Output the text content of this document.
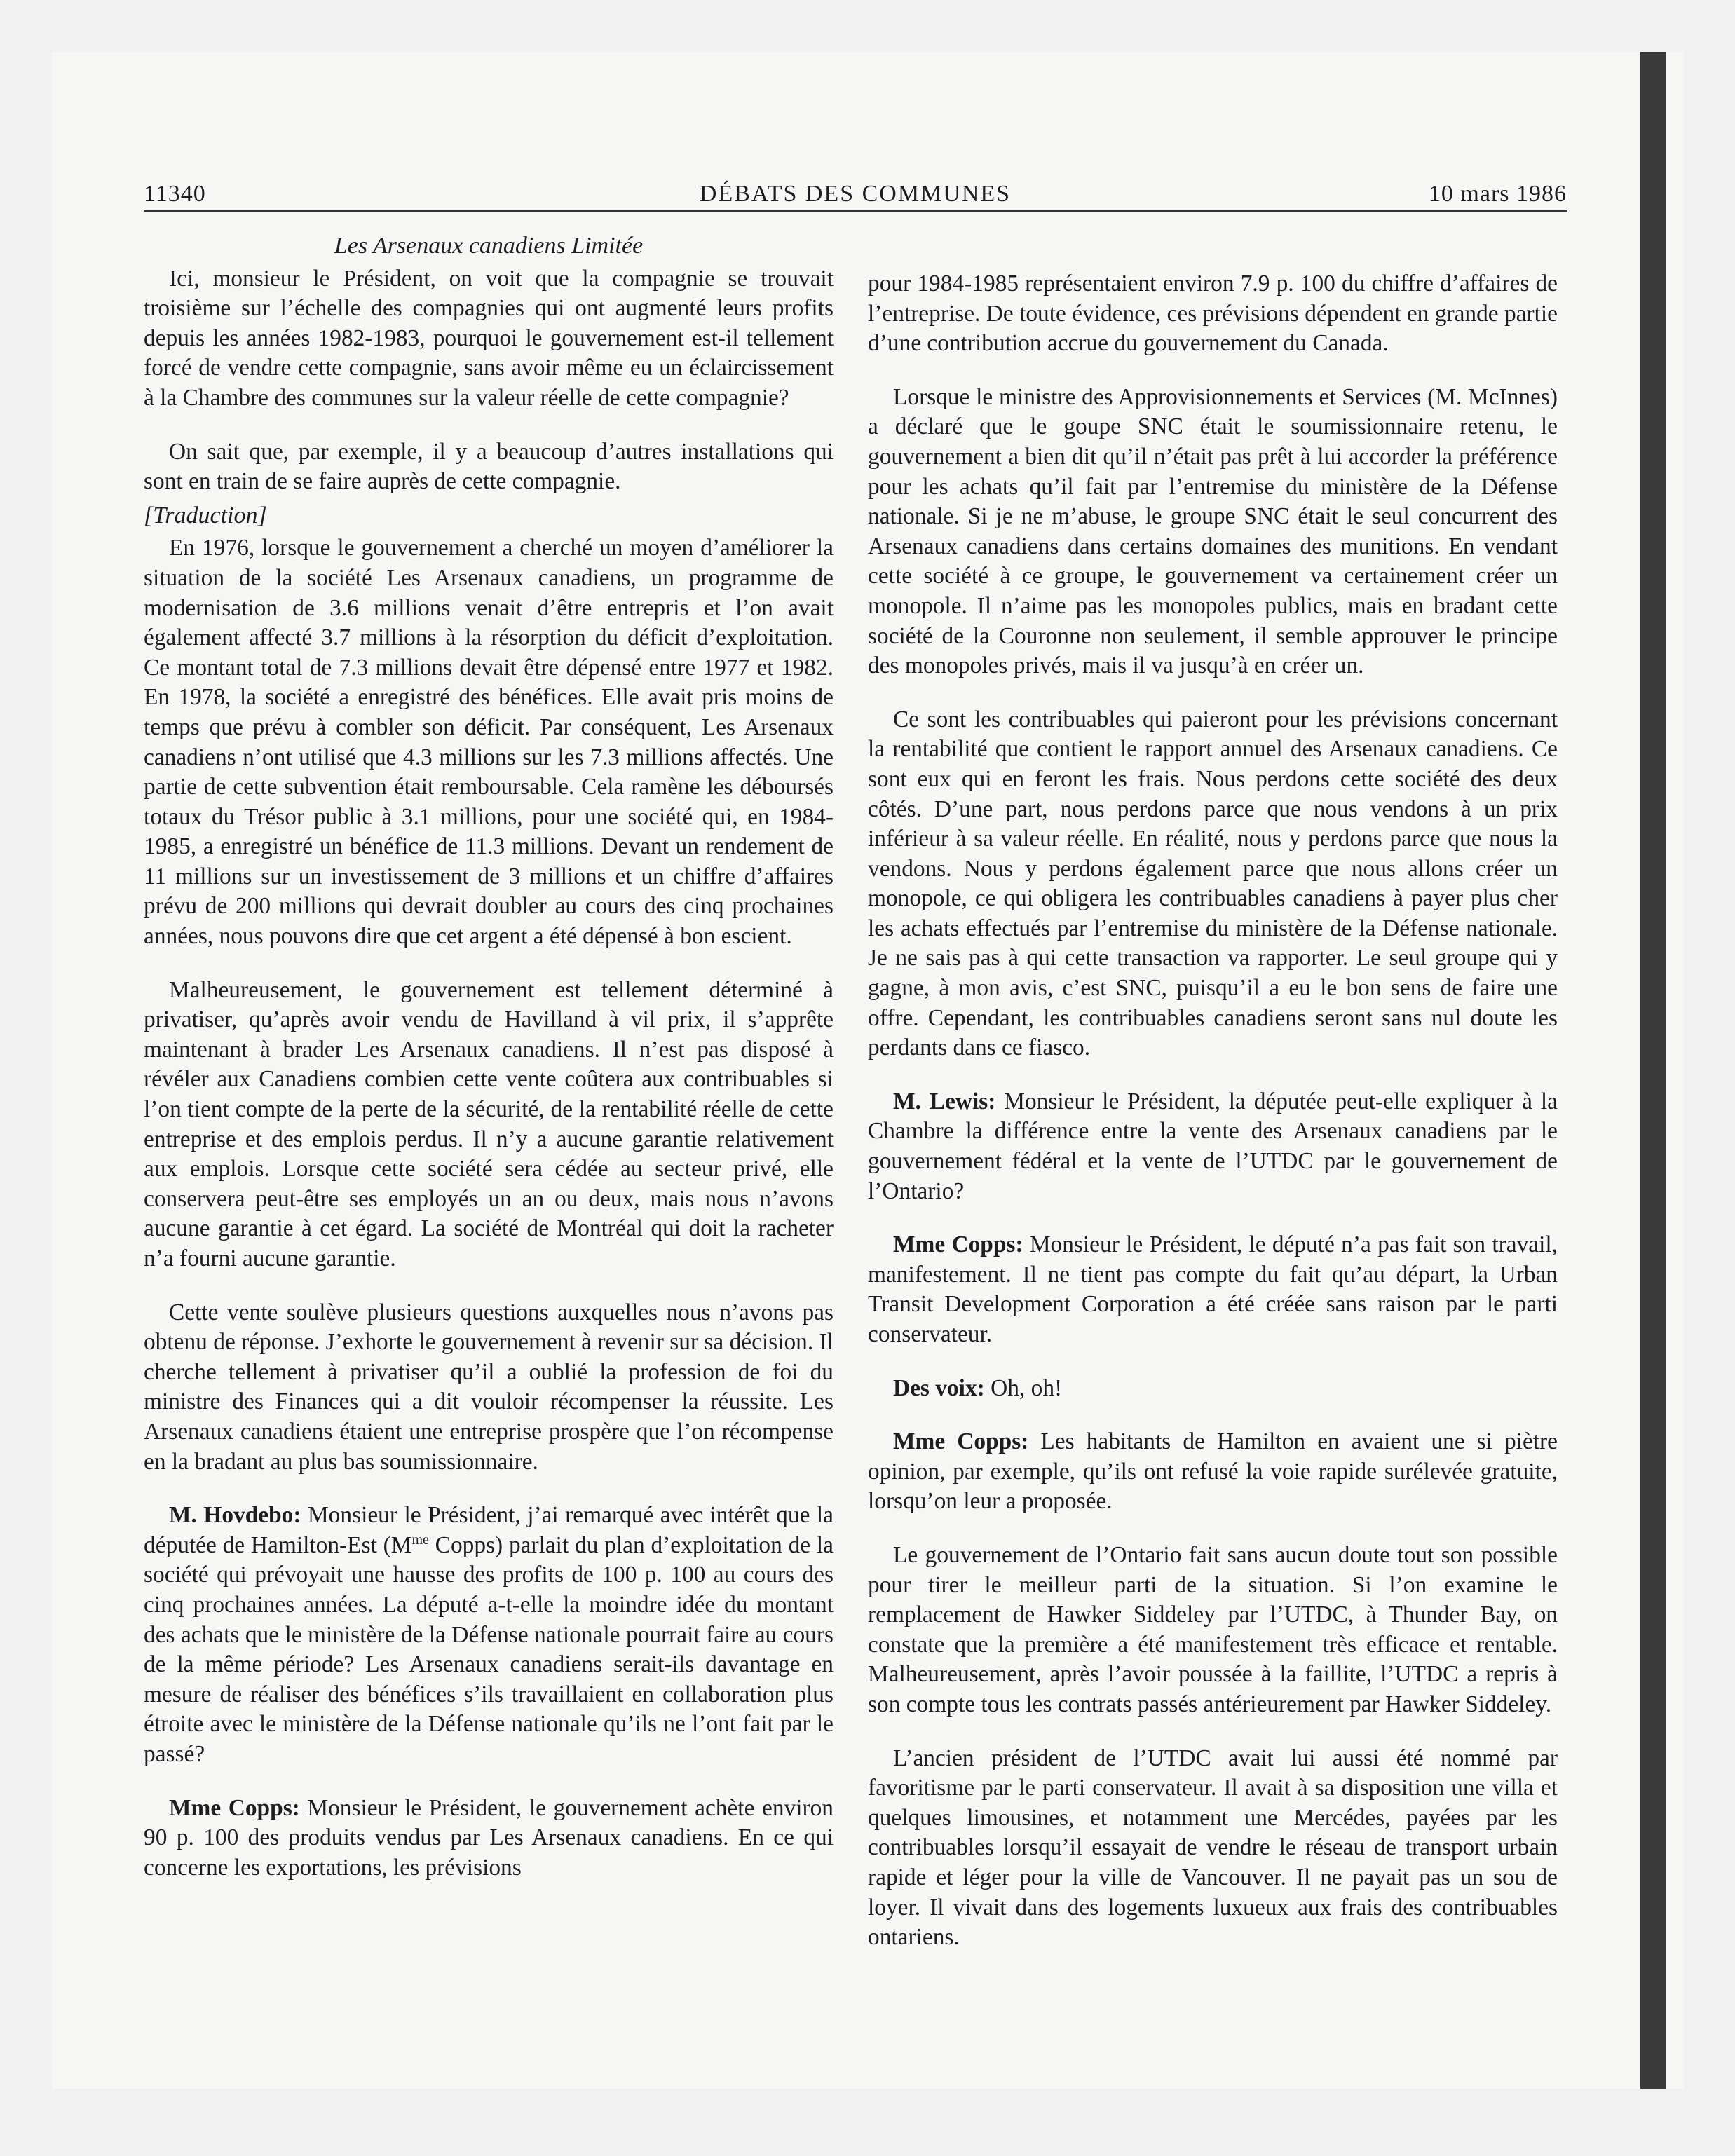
11340	DÉBATS DES COMMUNES	10 mars 1986
Les Arsenaux canadiens Limitée

Ici, monsieur le Président, on voit que la compagnie se trouvait troisième sur l’échelle des compagnies qui ont augmenté leurs profits depuis les années 1982-1983, pourquoi le gouvernement est-il tellement forcé de vendre cette compagnie, sans avoir même eu un éclaircissement à la Chambre des communes sur la valeur réelle de cette compagnie?

On sait que, par exemple, il y a beaucoup d’autres installations qui sont en train de se faire auprès de cette compagnie.

[Traduction]

En 1976, lorsque le gouvernement a cherché un moyen d’améliorer la situation de la société Les Arsenaux canadiens, un programme de modernisation de 3.6 millions venait d’être entrepris et l’on avait également affecté 3.7 millions à la résorption du déficit d’exploitation. Ce montant total de 7.3 millions devait être dépensé entre 1977 et 1982. En 1978, la société a enregistré des bénéfices. Elle avait pris moins de temps que prévu à combler son déficit. Par conséquent, Les Arsenaux canadiens n’ont utilisé que 4.3 millions sur les 7.3 millions affectés. Une partie de cette subvention était remboursable. Cela ramène les déboursés totaux du Trésor public à 3.1 millions, pour une société qui, en 1984-1985, a enregistré un bénéfice de 11.3 millions. Devant un rendement de 11 millions sur un investissement de 3 millions et un chiffre d’affaires prévu de 200 millions qui devrait doubler au cours des cinq prochaines années, nous pouvons dire que cet argent a été dépensé à bon escient.

Malheureusement, le gouvernement est tellement déterminé à privatiser, qu’après avoir vendu de Havilland à vil prix, il s’apprête maintenant à brader Les Arsenaux canadiens. Il n’est pas disposé à révéler aux Canadiens combien cette vente coûtera aux contribuables si l’on tient compte de la perte de la sécurité, de la rentabilité réelle de cette entreprise et des emplois perdus. Il n’y a aucune garantie relativement aux emplois. Lorsque cette société sera cédée au secteur privé, elle conservera peut-être ses employés un an ou deux, mais nous n’avons aucune garantie à cet égard. La société de Montréal qui doit la racheter n’a fourni aucune garantie.

Cette vente soulève plusieurs questions auxquelles nous n’avons pas obtenu de réponse. J’exhorte le gouvernement à revenir sur sa décision. Il cherche tellement à privatiser qu’il a oublié la profession de foi du ministre des Finances qui a dit vouloir récompenser la réussite. Les Arsenaux canadiens étaient une entreprise prospère que l’on récompense en la bradant au plus bas soumissionnaire.

M. Hovdebo: Monsieur le Président, j’ai remarqué avec intérêt que la députée de Hamilton-Est ($M^{me}$ Copps) parlait du plan d’exploitation de la société qui prévoyait une hausse des profits de 100 p. 100 au cours des cinq prochaines années. La député a-t-elle la moindre idée du montant des achats que le ministère de la Défense nationale pourrait faire au cours de la même période? Les Arsenaux canadiens serait-ils davantage en mesure de réaliser des bénéfices s’ils travaillaient en collaboration plus étroite avec le ministère de la Défense nationale qu’ils ne l’ont fait par le passé?

Mme Copps: Monsieur le Président, le gouvernement achète environ 90 p. 100 des produits vendus par Les Arsenaux canadiens. En ce qui concerne les exportations, les prévisions

pour 1984-1985 représentaient environ 7.9 p. 100 du chiffre d’affaires de l’entreprise. De toute évidence, ces prévisions dépendent en grande partie d’une contribution accrue du gouvernement du Canada.

Lorsque le ministre des Approvisionnements et Services (M. McInnes) a déclaré que le goupe SNC était le soumissionnaire retenu, le gouvernement a bien dit qu’il n’était pas prêt à lui accorder la préférence pour les achats qu’il fait par l’entremise du ministère de la Défense nationale. Si je ne m’abuse, le groupe SNC était le seul concurrent des Arsenaux canadiens dans certains domaines des munitions. En vendant cette société à ce groupe, le gouvernement va certainement créer un monopole. Il n’aime pas les monopoles publics, mais en bradant cette société de la Couronne non seulement, il semble approuver le principe des monopoles privés, mais il va jusqu’à en créer un.

Ce sont les contribuables qui paieront pour les prévisions concernant la rentabilité que contient le rapport annuel des Arsenaux canadiens. Ce sont eux qui en feront les frais. Nous perdons cette société des deux côtés. D’une part, nous perdons parce que nous vendons à un prix inférieur à sa valeur réelle. En réalité, nous y perdons parce que nous la vendons. Nous y perdons également parce que nous allons créer un monopole, ce qui obligera les contribuables canadiens à payer plus cher les achats effectués par l’entremise du ministère de la Défense nationale. Je ne sais pas à qui cette transaction va rapporter. Le seul groupe qui y gagne, à mon avis, c’est SNC, puisqu’il a eu le bon sens de faire une offre. Cependant, les contribuables canadiens seront sans nul doute les perdants dans ce fiasco.

M. Lewis: Monsieur le Président, la députée peut-elle expliquer à la Chambre la différence entre la vente des Arsenaux canadiens par le gouvernement fédéral et la vente de l’UTDC par le gouvernement de l’Ontario?

Mme Copps: Monsieur le Président, le député n’a pas fait son travail, manifestement. Il ne tient pas compte du fait qu’au départ, la Urban Transit Development Corporation a été créée sans raison par le parti conservateur.

Des voix: Oh, oh!

Mme Copps: Les habitants de Hamilton en avaient une si piètre opinion, par exemple, qu’ils ont refusé la voie rapide surélevée gratuite, lorsqu’on leur a proposée.

Le gouvernement de l’Ontario fait sans aucun doute tout son possible pour tirer le meilleur parti de la situation. Si l’on examine le remplacement de Hawker Siddeley par l’UTDC, à Thunder Bay, on constate que la première a été manifestement très efficace et rentable. Malheureusement, après l’avoir poussée à la faillite, l’UTDC a repris à son compte tous les contrats passés antérieurement par Hawker Siddeley.

L’ancien président de l’UTDC avait lui aussi été nommé par favoritisme par le parti conservateur. Il avait à sa disposition une villa et quelques limousines, et notamment une Mercédes, payées par les contribuables lorsqu’il essayait de vendre le réseau de transport urbain rapide et léger pour la ville de Vancouver. Il ne payait pas un sou de loyer. Il vivait dans des logements luxueux aux frais des contribuables ontariens.
